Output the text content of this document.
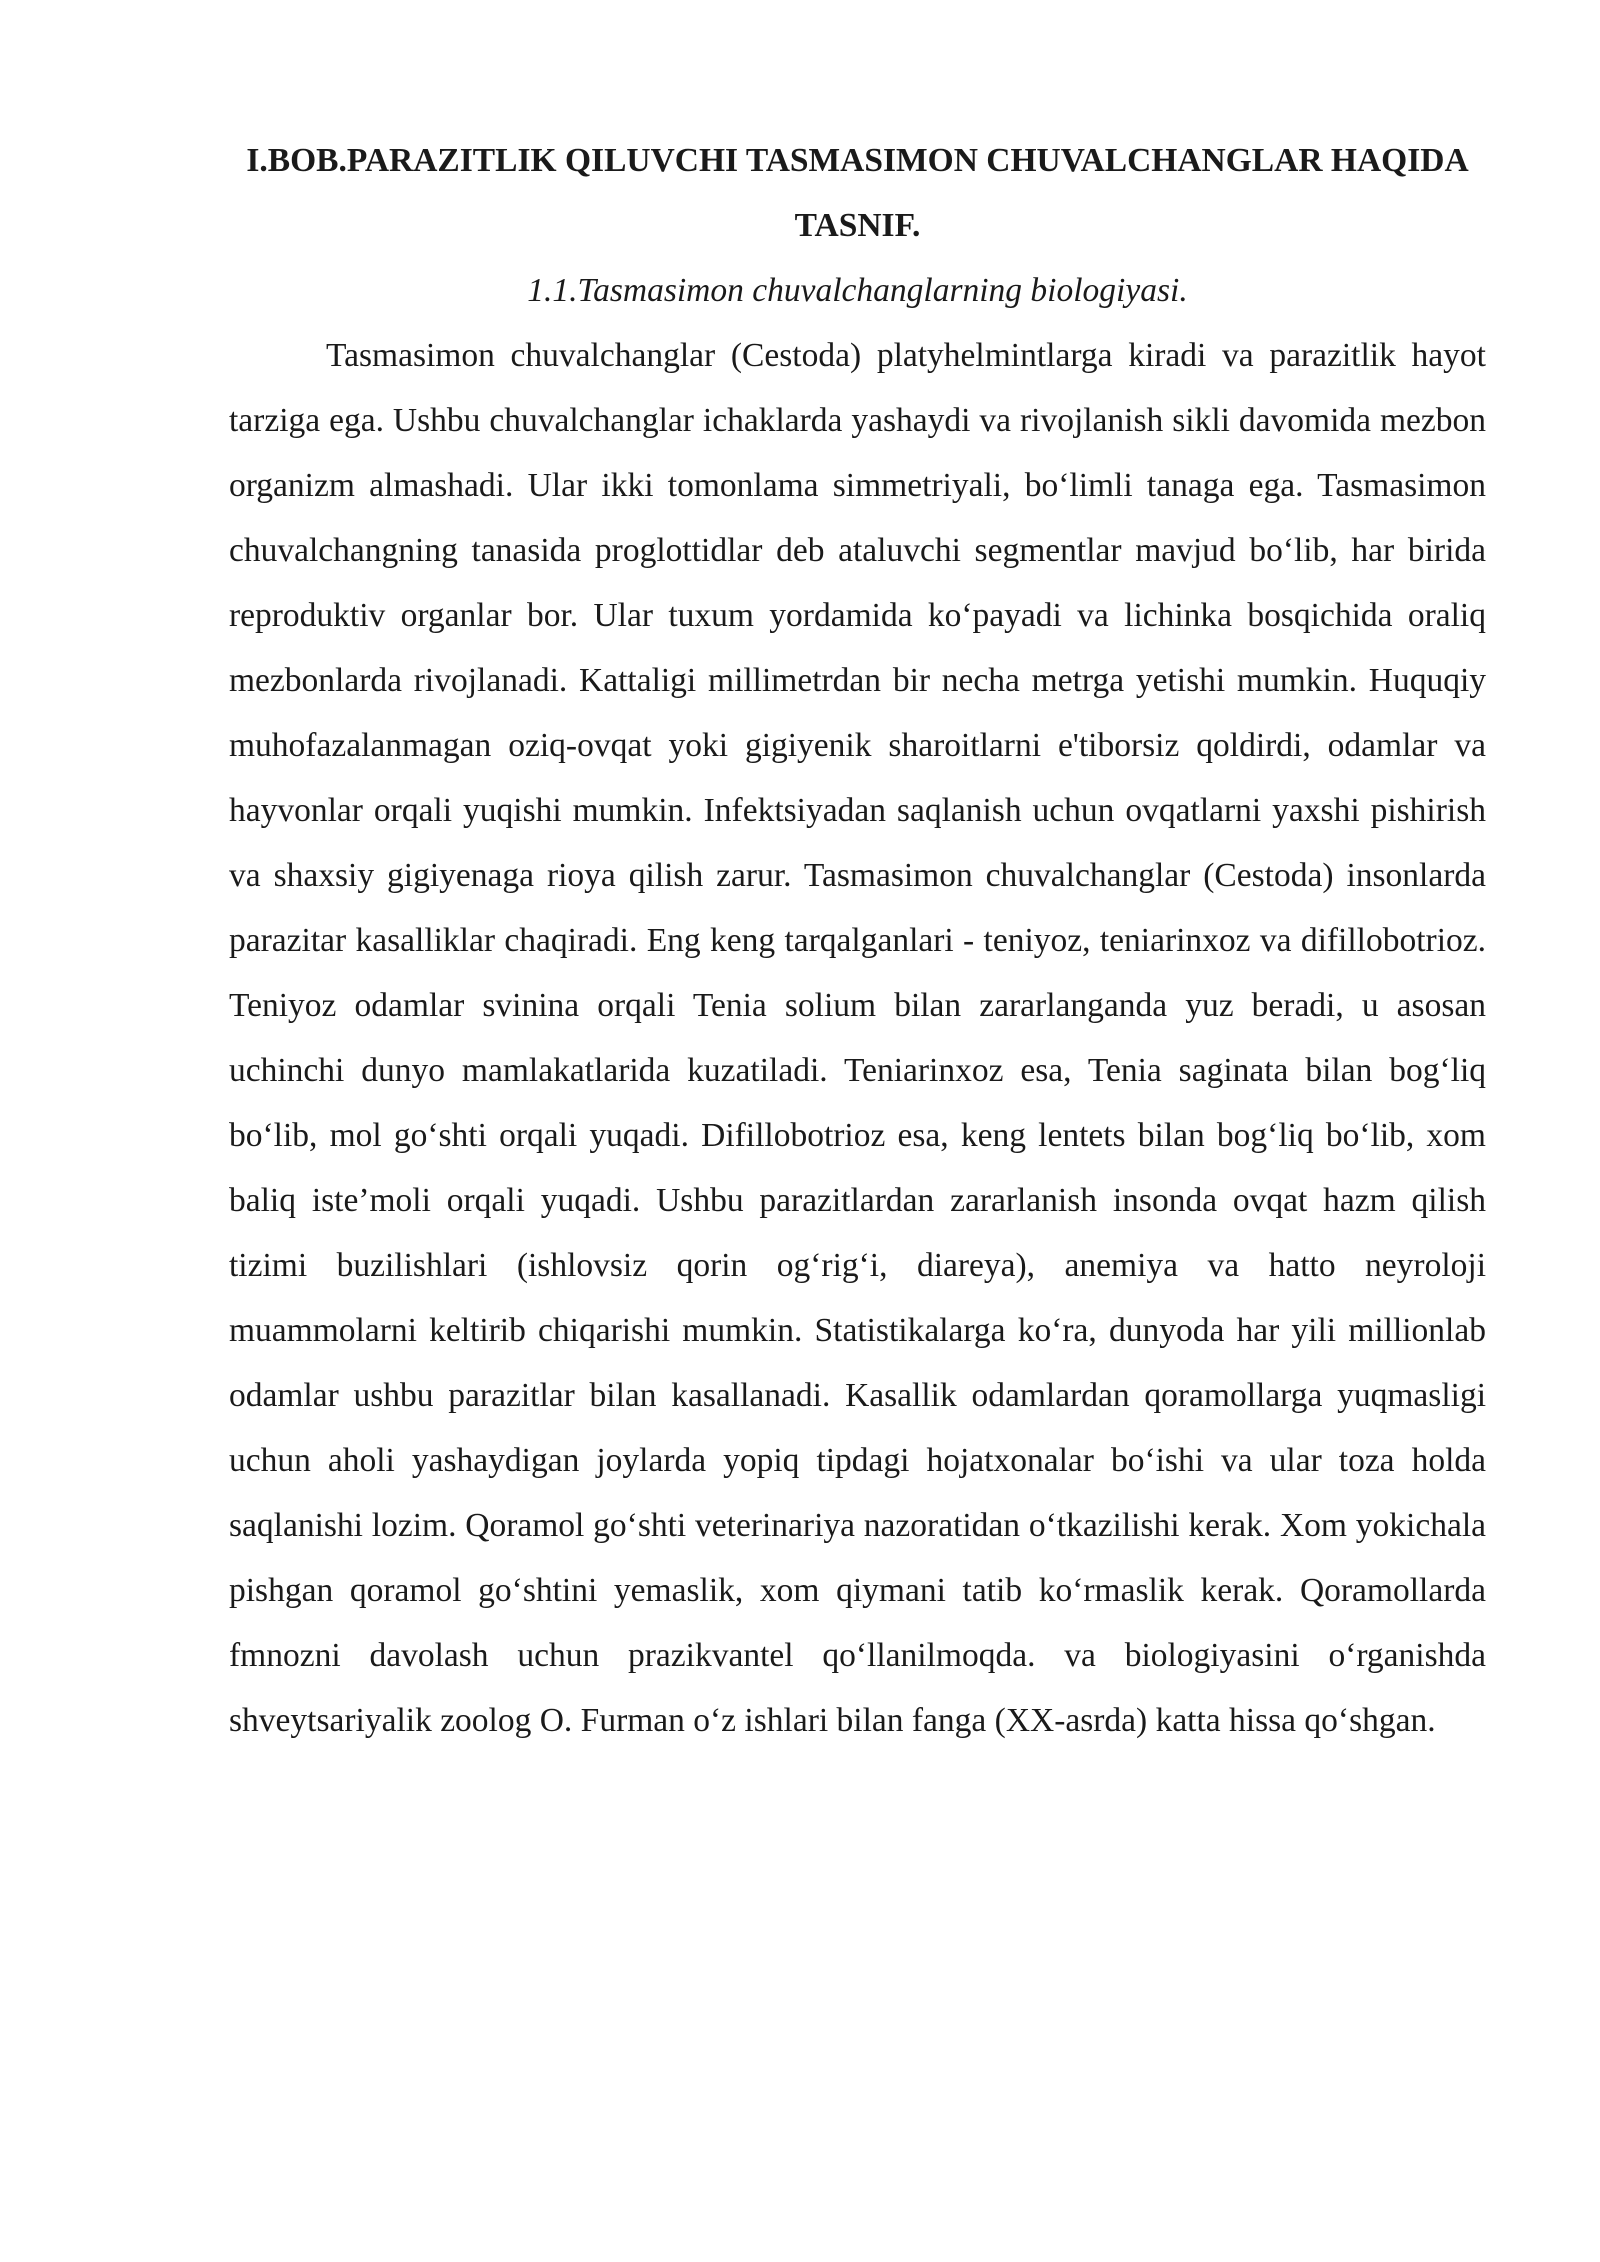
I.BOB.PARAZITLIK QILUVCHI TASMASIMON CHUVALCHANGLAR HAQIDA TASNIF.
1.1.Tasmasimon chuvalchanglarning biologiyasi.

Tasmasimon chuvalchanglar (Cestoda) platyhelmintlarga kiradi va parazitlik hayot tarziga ega. Ushbu chuvalchanglar ichaklarda yashaydi va rivojlanish sikli davomida mezbon organizm almashadi. Ular ikki tomonlama simmetriyali, bo‘limli tanaga ega. Tasmasimon chuvalchangning tanasida proglottidlar deb ataluvchi segmentlar mavjud bo‘lib, har birida reproduktiv organlar bor. Ular tuxum yordamida ko‘payadi va lichinka bosqichida oraliq mezbonlarda rivojlanadi. Kattaligi millimetrdan bir necha metrga yetishi mumkin. Huquqiy muhofazalanmagan oziq-ovqat yoki gigiyenik sharoitlarni e'tiborsiz qoldirdi, odamlar va hayvonlar orqali yuqishi mumkin. Infektsiyadan saqlanish uchun ovqatlarni yaxshi pishirish va shaxsiy gigiyenaga rioya qilish zarur. Tasmasimon chuvalchanglar (Cestoda) insonlarda parazitar kasalliklar chaqiradi. Eng keng tarqalganlari - teniyoz, teniarinxoz va difillobotrioz. Teniyoz odamlar svinina orqali Tenia solium bilan zararlanganda yuz beradi, u asosan uchinchi dunyo mamlakatlarida kuzatiladi. Teniarinxoz esa, Tenia saginata bilan bog‘liq bo‘lib, mol go‘shti orqali yuqadi. Difillobotrioz esa, keng lentets bilan bog‘liq bo‘lib, xom baliq iste’moli orqali yuqadi. Ushbu parazitlardan zararlanish insonda ovqat hazm qilish tizimi buzilishlari (ishlovsiz qorin og‘rig‘i, diareya), anemiya va hatto neyroloji muammolarni keltirib chiqarishi mumkin. Statistikalarga ko‘ra, dunyoda har yili millionlab odamlar ushbu parazitlar bilan kasallanadi. Kasallik odamlardan qoramollarga yuqmasligi uchun aholi yashaydigan joylarda yopiq tipdagi hojatxonalar bo‘ishi va ular toza holda saqlanishi lozim. Qoramol go‘shti veterinariya nazoratidan o‘tkazilishi kerak. Xom yokichala pishgan qoramol go‘shtini yemaslik, xom qiymani tatib ko‘rmaslik kerak. Qoramollarda fmnozni davolash uchun prazikvantel qo‘llanilmoqda. va biologiyasini o‘rganishda shveytsariyalik zoolog O. Furman o‘z ishlari bilan fanga (XX-asrda) katta hissa qo‘shgan.
